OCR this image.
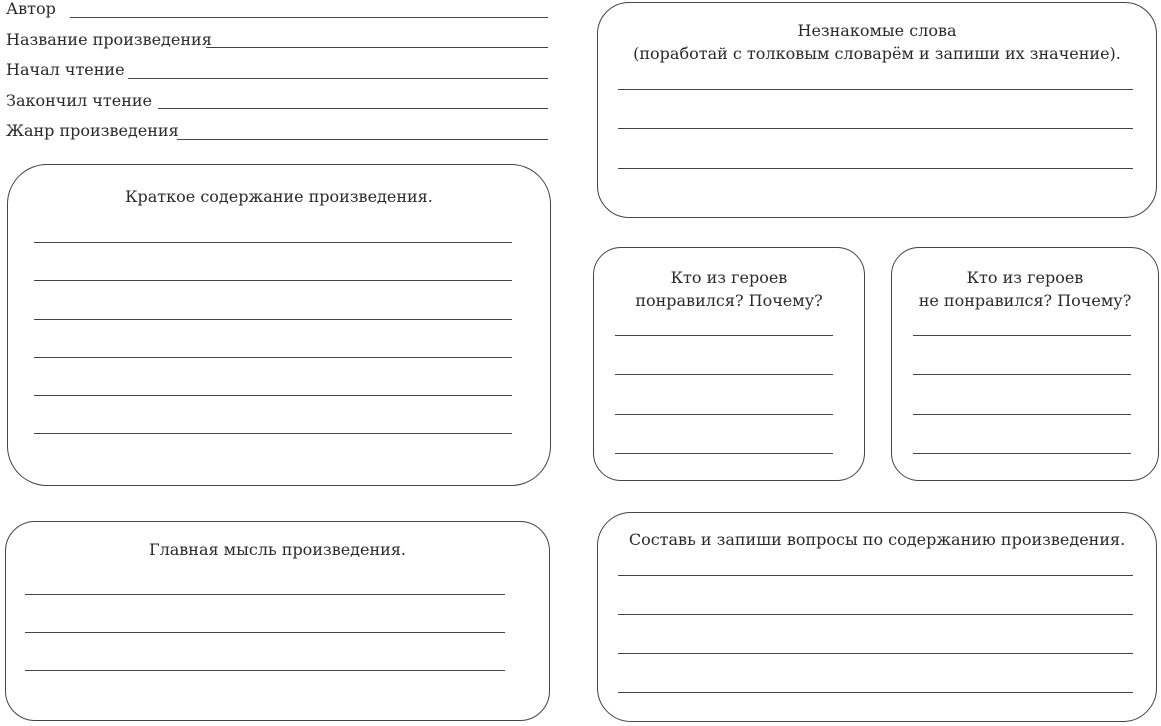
Автор
Название произведения
Начал чтение
Закончил чтение
Жанр произведения
Незнакомые слова
(поработай с толковым словарём и запиши их значение).
Краткое содержание произведения.
Кто из героев
понравился? Почему?
Кто из героев
не понравился? Почему?
Главная мысль произведения.
Составь и запиши вопросы по содержанию произведения.
